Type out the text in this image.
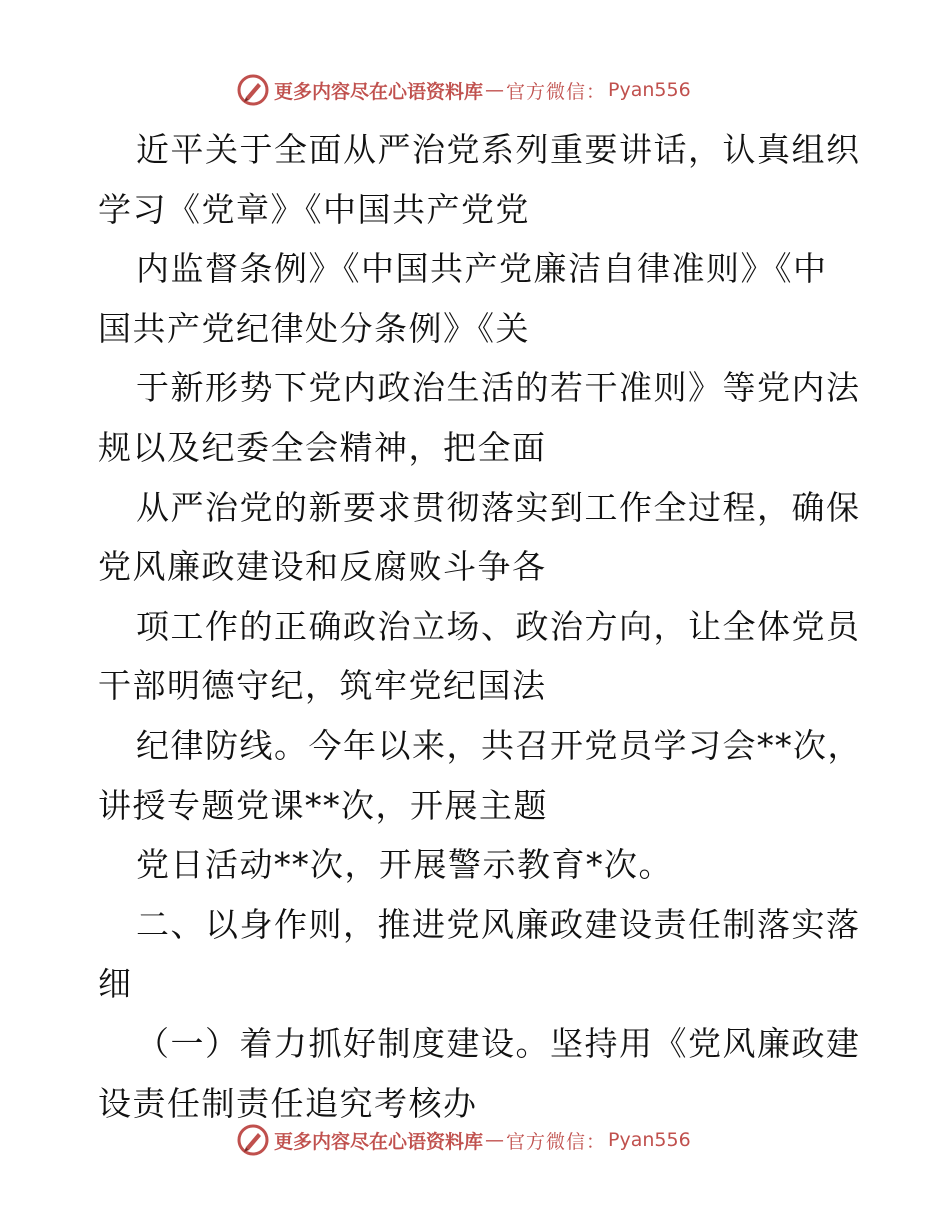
更多内容尽在心语资料库 — 官方微信： Pyan556
近平关于全面从严治党系列重要讲话，认真组织
学习《党章》《中国共产党党
内监督条例》《中国共产党廉洁自律准则》《中
国共产党纪律处分条例》《关
于新形势下党内政治生活的若干准则》等党内法
规以及纪委全会精神，把全面
从严治党的新要求贯彻落实到工作全过程，确保
党风廉政建设和反腐败斗争各
项工作的正确政治立场、政治方向，让全体党员
干部明德守纪，筑牢党纪国法
纪律防线。今年以来，共召开党员学习会**次，
讲授专题党课**次，开展主题
党日活动**次，开展警示教育*次。
二、以身作则，推进党风廉政建设责任制落实落
细
（一）着力抓好制度建设。坚持用《党风廉政建
设责任制责任追究考核办
更多内容尽在心语资料库 — 官方微信： Pyan556
